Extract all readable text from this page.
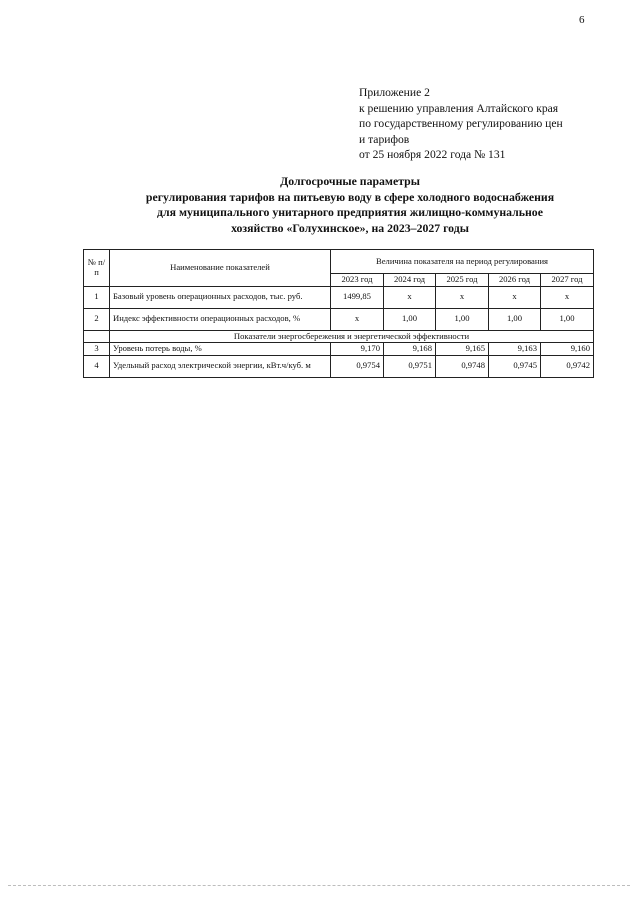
6
Приложение 2
к решению управления Алтайского края
по государственному регулированию цен
и тарифов
от 25 ноября 2022 года № 131
Долгосрочные параметры
регулирования тарифов на питьевую воду в сфере холодного водоснабжения
для муниципального унитарного предприятия жилищно-коммунальное
хозяйство «Голухинское», на 2023–2027 годы
№ п/п	Наименование показателей	Величина показателя на период регулирования				
		2023 год	2024 год	2025 год	2026 год	2027 год
1	Базовый уровень операционных расходов, тыс. руб.	1499,85	х	х	х	х
2	Индекс эффективности операционных расходов, %	х	1,00	1,00	1,00	1,00
	Показатели энергосбережения и энергетической эффективности					
3	Уровень потерь воды, %	9,170	9,168	9,165	9,163	9,160
4	Удельный расход электрической энергии, кВт.ч/куб. м	0,9754	0,9751	0,9748	0,9745	0,9742
